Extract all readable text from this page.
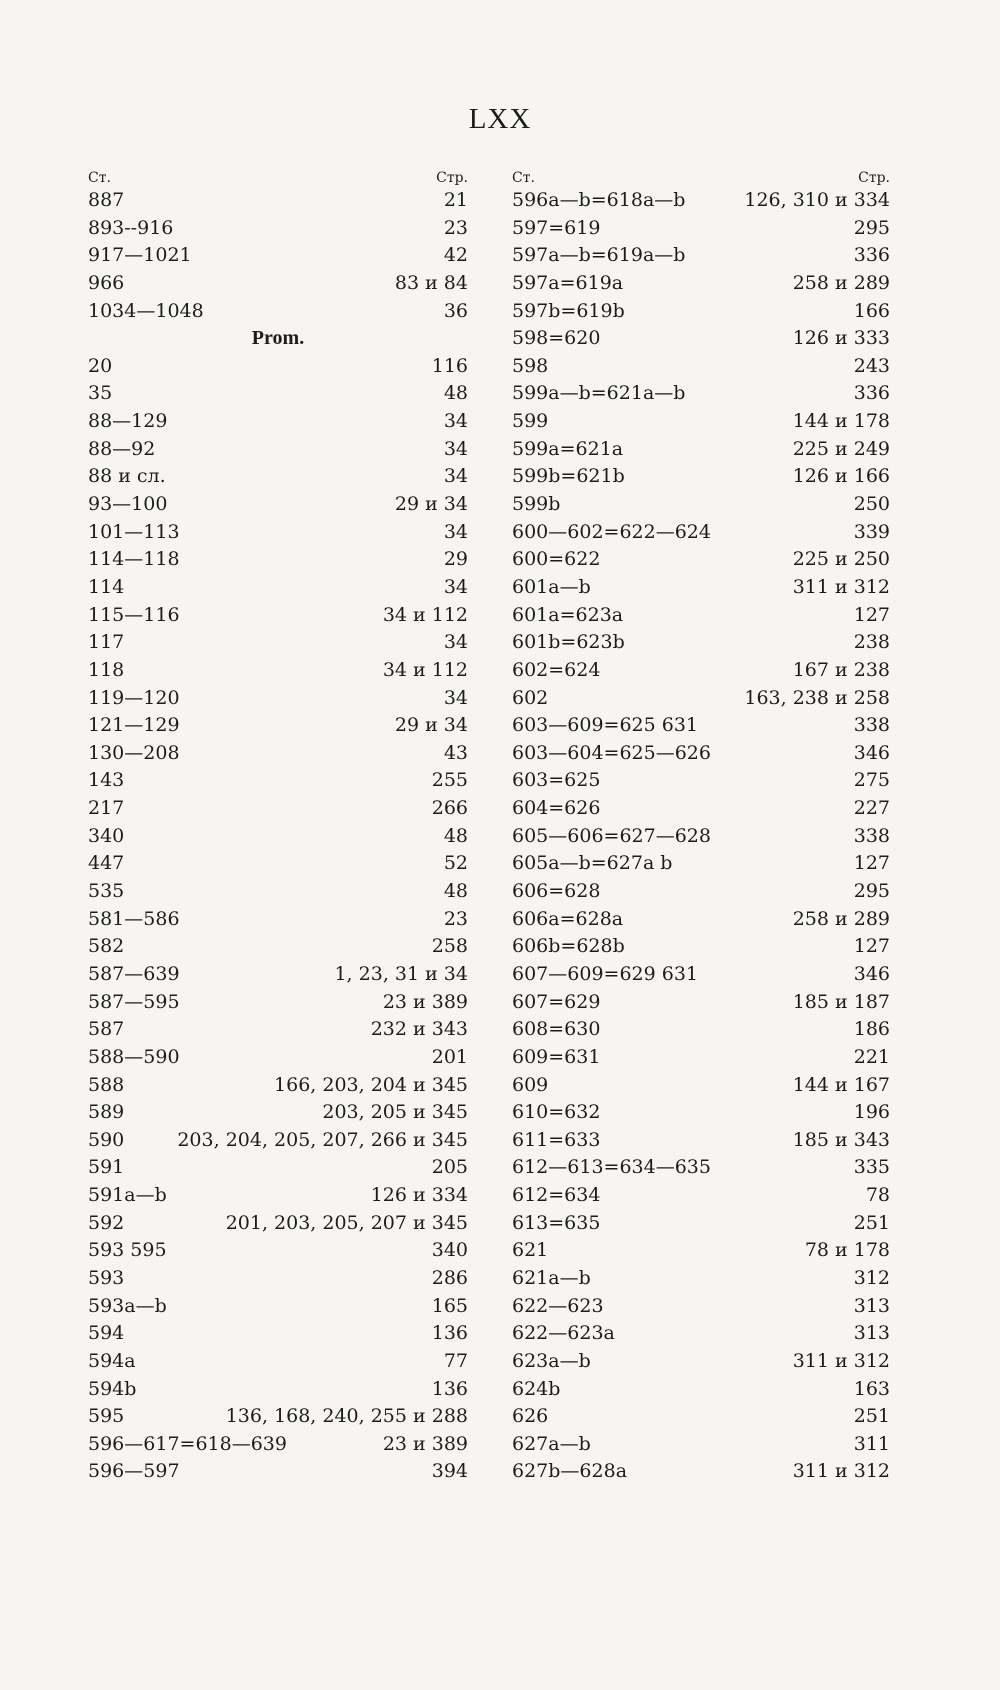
LXX
Ст.	Стр.
887	21
893--916	23
917—1021	42
966	83 и 84
1034—1048	36
Prom.
20	116
35	48
88—129	34
88—92	34
88 и сл.	34
93—100	29 и 34
101—113	34
114—118	29
114	34
115—116	34 и 112
117	34
118	34 и 112
119—120	34
121—129	29 и 34
130—208	43
143	255
217	266
340	48
447	52
535	48
581—586	23
582	258
587—639	1, 23, 31 и 34
587—595	23 и 389
587	232 и 343
588—590	201
588	166, 203, 204 и 345
589	203, 205 и 345
590	203, 204, 205, 207, 266 и 345
591	205
591a—b	126 и 334
592	201, 203, 205, 207 и 345
593 595	340
593	286
593a—b	165
594	136
594a	77
594b	136
595	136, 168, 240, 255 и 288
596—617=618—639	23 и 389
596—597	394
Ст.	Стр.
596a—b=618a—b	126, 310 и 334
597=619	295
597a—b=619a—b	336
597a=619a	258 и 289
597b=619b	166
598=620	126 и 333
598	243
599a—b=621a—b	336
599	144 и 178
599a=621a	225 и 249
599b=621b	126 и 166
599b	250
600—602=622—624	339
600=622	225 и 250
601a—b	311 и 312
601a=623a	127
601b=623b	238
602=624	167 и 238
602	163, 238 и 258
603—609=625 631	338
603—604=625—626	346
603=625	275
604=626	227
605—606=627—628	338
605a—b=627a b	127
606=628	295
606a=628a	258 и 289
606b=628b	127
607—609=629 631	346
607=629	185 и 187
608=630	186
609=631	221
609	144 и 167
610=632	196
611=633	185 и 343
612—613=634—635	335
612=634	78
613=635	251
621	78 и 178
621a—b	312
622—623	313
622—623a	313
623a—b	311 и 312
624b	163
626	251
627a—b	311
627b—628a	311 и 312
